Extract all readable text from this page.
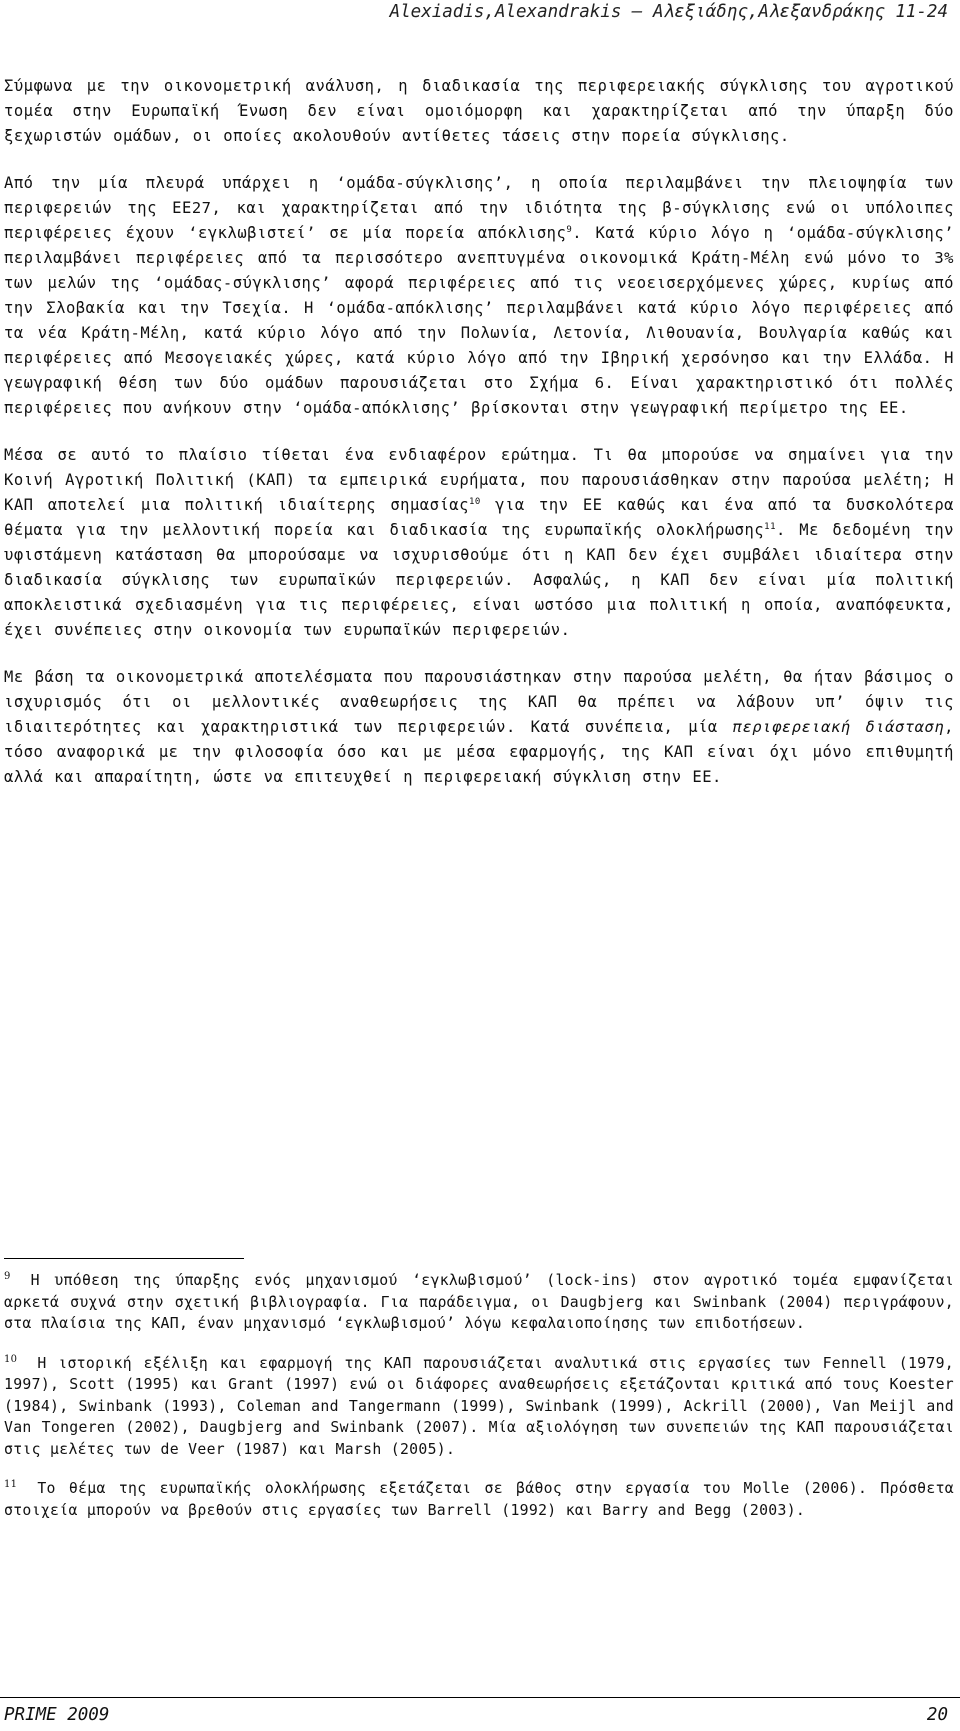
Alexiadis,Alexandrakis – Αλεξιάδης,Αλεξανδράκης 11-24

Σύμφωνα με την οικονομετρική ανάλυση, η διαδικασία της περιφερειακής σύγκλισης του αγροτικού τομέα στην Ευρωπαϊκή Ένωση δεν είναι ομοιόμορφη και χαρακτηρίζεται από την ύπαρξη δύο ξεχωριστών ομάδων, οι οποίες ακολουθούν αντίθετες τάσεις στην πορεία σύγκλισης.

Από την μία πλευρά υπάρχει η ‘ομάδα-σύγκλισης’, η οποία περιλαμβάνει την πλειοψηφία των περιφερειών της ΕΕ27, και χαρακτηρίζεται από την ιδιότητα της β-σύγκλισης ενώ οι υπόλοιπες περιφέρειες έχουν ‘εγκλωβιστεί’ σε μία πορεία απόκλισης$^9$. Κατά κύριο λόγο η ‘ομάδα-σύγκλισης’ περιλαμβάνει περιφέρειες από τα περισσότερο ανεπτυγμένα οικονομικά Κράτη-Μέλη ενώ μόνο το 3% των μελών της ‘ομάδας-σύγκλισης’ αφορά περιφέρειες από τις νεοεισερχόμενες χώρες, κυρίως από την Σλοβακία και την Τσεχία. Η ‘ομάδα-απόκλισης’ περιλαμβάνει κατά κύριο λόγο περιφέρειες από τα νέα Κράτη-Μέλη, κατά κύριο λόγο από την Πολωνία, Λετονία, Λιθουανία, Βουλγαρία καθώς και περιφέρειες από Μεσογειακές χώρες, κατά κύριο λόγο από την Ιβηρική χερσόνησο και την Ελλάδα. Η γεωγραφική θέση των δύο ομάδων παρουσιάζεται στο Σχήμα 6. Είναι χαρακτηριστικό ότι πολλές περιφέρειες που ανήκουν στην ‘ομάδα-απόκλισης’ βρίσκονται στην γεωγραφική περίμετρο της ΕΕ.

Μέσα σε αυτό το πλαίσιο τίθεται ένα ενδιαφέρον ερώτημα. Τι θα μπορούσε να σημαίνει για την Κοινή Αγροτική Πολιτική (ΚΑΠ) τα εμπειρικά ευρήματα, που παρουσιάσθηκαν στην παρούσα μελέτη; Η ΚΑΠ αποτελεί μια πολιτική ιδιαίτερης σημασίας$^{10}$ για την ΕΕ καθώς και ένα από τα δυσκολότερα θέματα για την μελλοντική πορεία και διαδικασία της ευρωπαϊκής ολοκλήρωσης$^{11}$. Με δεδομένη την υφιστάμενη κατάσταση θα μπορούσαμε να ισχυρισθούμε ότι η ΚΑΠ δεν έχει συμβάλει ιδιαίτερα στην διαδικασία σύγκλισης των ευρωπαϊκών περιφερειών. Ασφαλώς, η ΚΑΠ δεν είναι μία πολιτική αποκλειστικά σχεδιασμένη για τις περιφέρειες, είναι ωστόσο μια πολιτική η οποία, αναπόφευκτα, έχει συνέπειες στην οικονομία των ευρωπαϊκών περιφερειών.

Με βάση τα οικονομετρικά αποτελέσματα που παρουσιάστηκαν στην παρούσα μελέτη, θα ήταν βάσιμος ο ισχυρισμός ότι οι μελλοντικές αναθεωρήσεις της ΚΑΠ θα πρέπει να λάβουν υπ’ όψιν τις ιδιαιτερότητες και χαρακτηριστικά των περιφερειών. Κατά συνέπεια, μία περιφερειακή διάσταση, τόσο αναφορικά με την φιλοσοφία όσο και με μέσα εφαρμογής, της ΚΑΠ είναι όχι μόνο επιθυμητή αλλά και απαραίτητη, ώστε να επιτευχθεί η περιφερειακή σύγκλιση στην ΕΕ.

$^9$ Η υπόθεση της ύπαρξης ενός μηχανισμού ‘εγκλωβισμού’ (lock-ins) στον αγροτικό τομέα εμφανίζεται αρκετά συχνά στην σχετική βιβλιογραφία. Για παράδειγμα, οι Daugbjerg και Swinbank (2004) περιγράφουν, στα πλαίσια της ΚΑΠ, έναν μηχανισμό ‘εγκλωβισμού’ λόγω κεφαλαιοποίησης των επιδοτήσεων.

$^{10}$ Η ιστορική εξέλιξη και εφαρμογή της ΚΑΠ παρουσιάζεται αναλυτικά στις εργασίες των Fennell (1979, 1997), Scott (1995) και Grant (1997) ενώ οι διάφορες αναθεωρήσεις εξετάζονται κριτικά από τους Koester (1984), Swinbank (1993), Coleman and Tangermann (1999), Swinbank (1999), Ackrill (2000), Van Meijl and Van Tongeren (2002), Daugbjerg and Swinbank (2007). Μία αξιολόγηση των συνεπειών της ΚΑΠ παρουσιάζεται στις μελέτες των de Veer (1987) και Marsh (2005).

$^{11}$ Το θέμα της ευρωπαϊκής ολοκλήρωσης εξετάζεται σε βάθος στην εργασία του Molle (2006). Πρόσθετα στοιχεία μπορούν να βρεθούν στις εργασίες των Barrell (1992) και Barry and Begg (2003).

PRIME 2009	20
